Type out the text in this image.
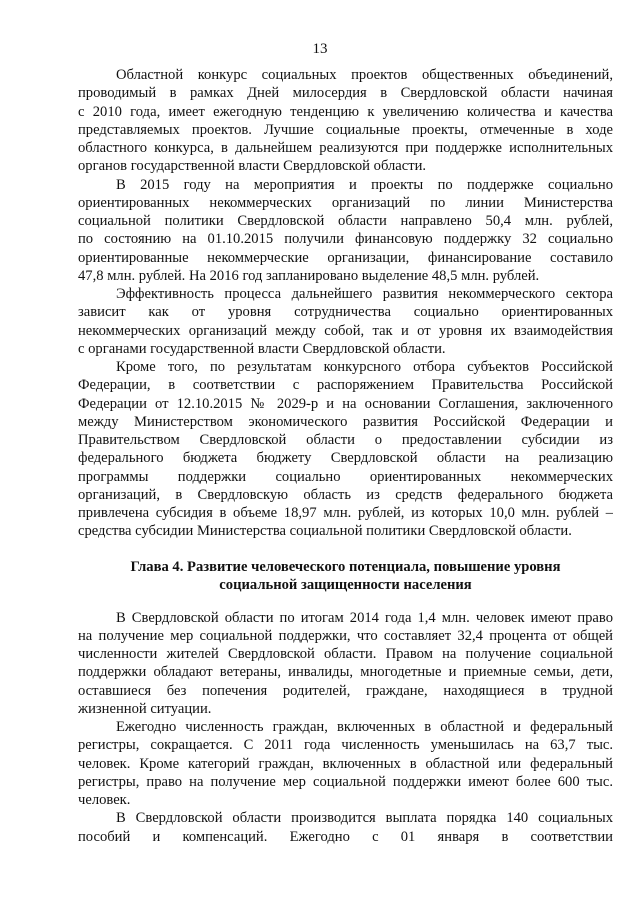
13
Областной конкурс социальных проектов общественных объединений,
проводимый в рамках Дней милосердия в Свердловской области начиная
с 2010 года, имеет ежегодную тенденцию к увеличению количества и качества
представляемых проектов. Лучшие социальные проекты, отмеченные в ходе
областного конкурса, в дальнейшем реализуются при поддержке исполнительных
органов государственной власти Свердловской области.
В 2015 году на мероприятия и проекты по поддержке социально
ориентированных некоммерческих организаций по линии Министерства
социальной политики Свердловской области направлено 50,4 млн. рублей,
по состоянию на 01.10.2015 получили финансовую поддержку 32 социально
ориентированные некоммерческие организации, финансирование составило
47,8 млн. рублей. На 2016 год запланировано выделение 48,5 млн. рублей.
Эффективность процесса дальнейшего развития некоммерческого сектора
зависит как от уровня сотрудничества социально ориентированных
некоммерческих организаций между собой, так и от уровня их взаимодействия
с органами государственной власти Свердловской области.
Кроме того, по результатам конкурсного отбора субъектов Российской
Федерации, в соответствии с распоряжением Правительства Российской
Федерации от 12.10.2015 № 2029-р и на основании Соглашения, заключенного
между Министерством экономического развития Российской Федерации и
Правительством Свердловской области о предоставлении субсидии из
федерального бюджета бюджету Свердловской области на реализацию
программы поддержки социально ориентированных некоммерческих
организаций, в Свердловскую область из средств федерального бюджета
привлечена субсидия в объеме 18,97 млн. рублей, из которых 10,0 млн. рублей –
средства субсидии Министерства социальной политики Свердловской области.
Глава 4. Развитие человеческого потенциала, повышение уровня
социальной защищенности населения
В Свердловской области по итогам 2014 года 1,4 млн. человек имеют право
на получение мер социальной поддержки, что составляет 32,4 процента от общей
численности жителей Свердловской области. Правом на получение социальной
поддержки обладают ветераны, инвалиды, многодетные и приемные семьи, дети,
оставшиеся без попечения родителей, граждане, находящиеся в трудной
жизненной ситуации.
Ежегодно численность граждан, включенных в областной и федеральный
регистры, сокращается. С 2011 года численность уменьшилась на 63,7 тыс.
человек. Кроме категорий граждан, включенных в областной или федеральный
регистры, право на получение мер социальной поддержки имеют более 600 тыс.
человек.
В Свердловской области производится выплата порядка 140 социальных
пособий и компенсаций. Ежегодно с 01 января в соответствии
